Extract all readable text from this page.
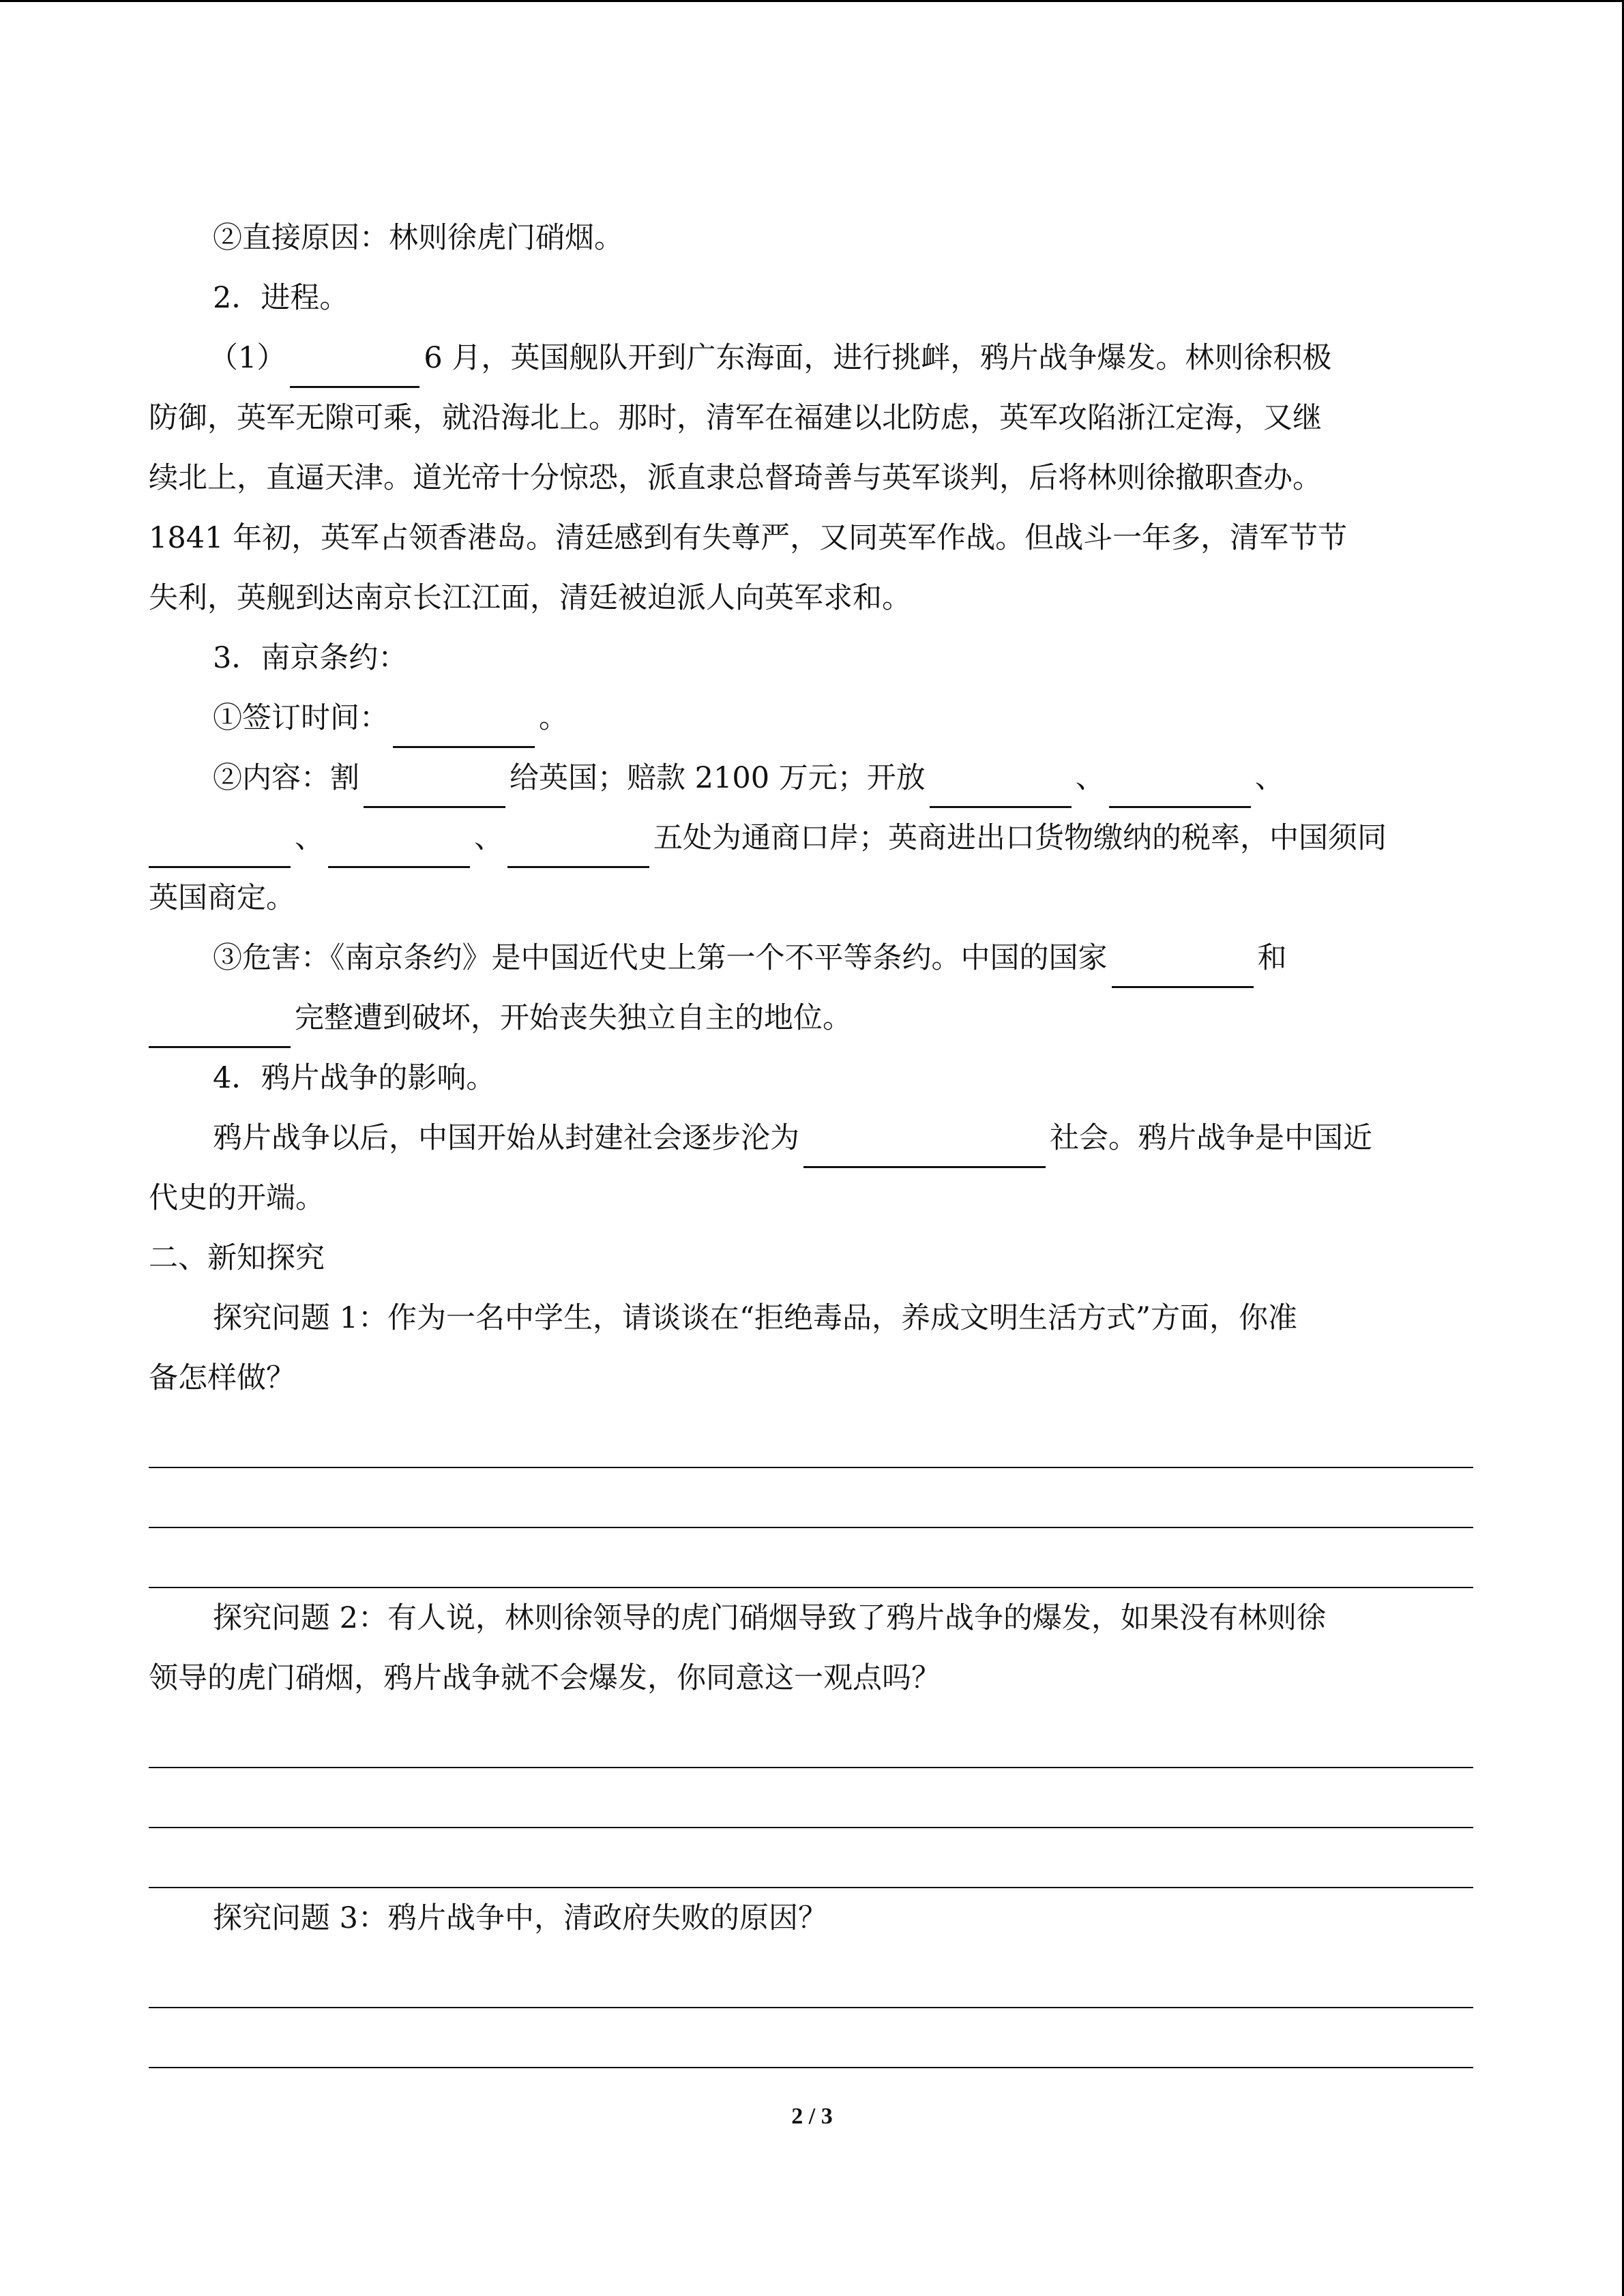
②直接原因：林则徐虎门硝烟。

2．进程。

（1）	6 月，英国舰队开到广东海面，进行挑衅，鸦片战争爆发。林则徐积极

防御，英军无隙可乘，就沿海北上。那时，清军在福建以北防虑，英军攻陷浙江定海，又继

续北上，直逼天津。道光帝十分惊恐，派直隶总督琦善与英军谈判，后将林则徐撤职查办。

1841 年初，英军占领香港岛。清廷感到有失尊严，又同英军作战。但战斗一年多，清军节节

失利，英舰到达南京长江江面，清廷被迫派人向英军求和。

3．南京条约：

①签订时间：	。

②内容：割	给英国；赔款 2100 万元；开放	、	、

、	、	五处为通商口岸；英商进出口货物缴纳的税率，中国须同

英国商定。

③危害：《南京条约》是中国近代史上第一个不平等条约。中国的国家	和

完整遭到破坏，开始丧失独立自主的地位。

4．鸦片战争的影响。

鸦片战争以后，中国开始从封建社会逐步沦为	社会。鸦片战争是中国近

代史的开端。

二、新知探究

探究问题 1：作为一名中学生，请谈谈在“拒绝毒品，养成文明生活方式”方面，你准

备怎样做？

探究问题 2：有人说，林则徐领导的虎门硝烟导致了鸦片战争的爆发，如果没有林则徐

领导的虎门硝烟，鸦片战争就不会爆发，你同意这一观点吗？

探究问题 3：鸦片战争中，清政府失败的原因？

2 / 3
